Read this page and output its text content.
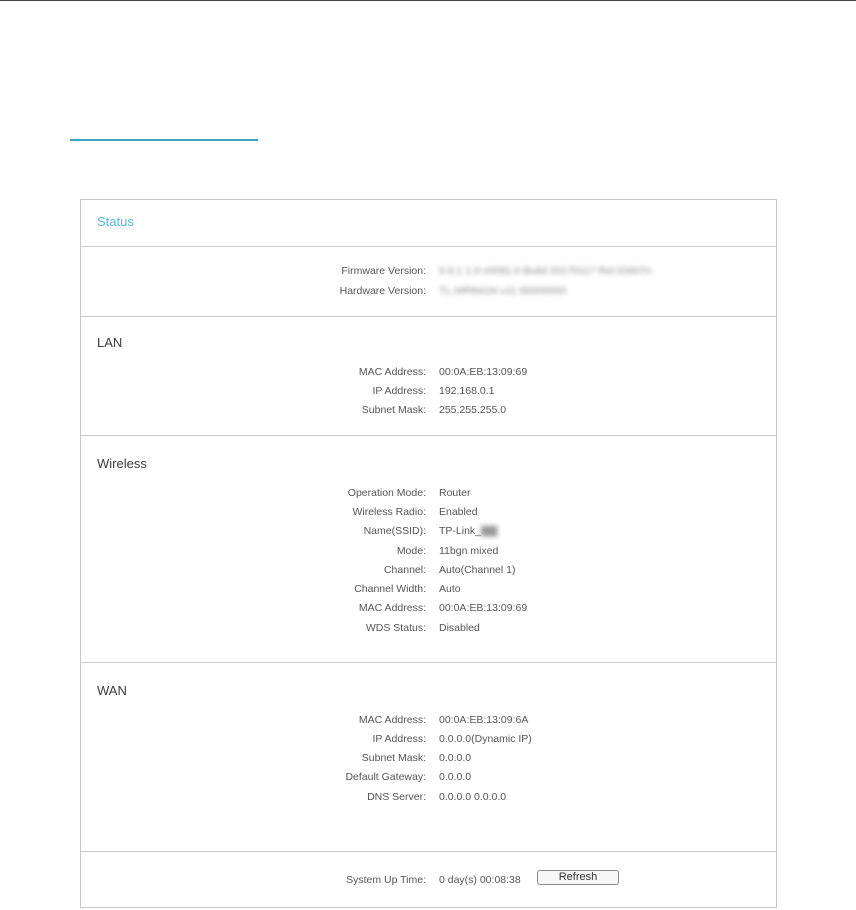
Status
Firmware Version: 0.9.1 1.0 v0091.0 Build 20170117 Rel.53407n
Hardware Version: TL-WR841N v11 00000000
LAN
MAC Address: 00:0A:EB:13:09:69
IP Address: 192.168.0.1
Subnet Mask: 255.255.255.0
Wireless
Operation Mode: Router
Wireless Radio: Enabled
Name(SSID): TP-Link_▇▇
Mode: 11bgn mixed
Channel: Auto(Channel 1)
Channel Width: Auto
MAC Address: 00:0A:EB:13:09:69
WDS Status: Disabled
WAN
MAC Address: 00:0A:EB:13:09:6A
IP Address: 0.0.0.0(Dynamic IP)
Subnet Mask: 0.0.0.0
Default Gateway: 0.0.0.0
DNS Server: 0.0.0.0 0.0.0.0
System Up Time: 0 day(s) 00:08:38	Refresh
